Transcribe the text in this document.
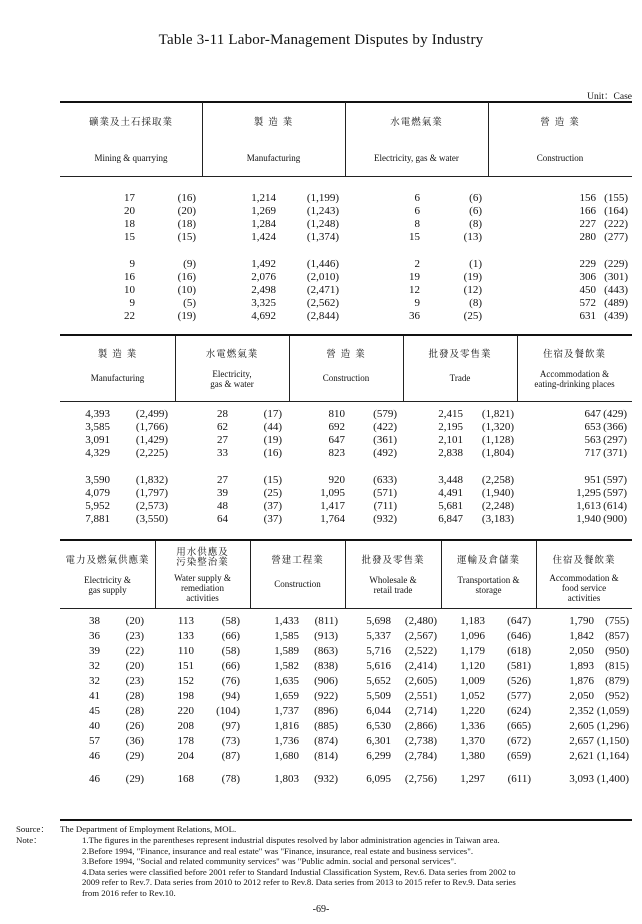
Table 3-11 Labor-Management Disputes by Industry
Unit：Case
礦業及土石採取業
Mining & quarrying
製 造 業
Manufacturing
水電燃氣業
Electricity, gas & water
營 造 業
Construction
17	(16)	1,214	(1,199)	6	(6)	156 (155)
20	(20)	1,269	(1,243)	6	(6)	166 (164)
18	(18)	1,284	(1,248)	8	(8)	227 (222)
15	(15)	1,424	(1,374)	15	(13)	280 (277)
9	(9)	1,492	(1,446)	2	(1)	229 (229)
16	(16)	2,076	(2,010)	19	(19)	306 (301)
10	(10)	2,498	(2,471)	12	(12)	450 (443)
9	(5)	3,325	(2,562)	9	(8)	572 (489)
22	(19)	4,692	(2,844)	36	(25)	631 (439)
製 造 業
Manufacturing
水電燃氣業
Electricity,
gas & water
營 造 業
Construction
批發及零售業
Trade
住宿及餐飲業
Accommodation &
eating-drinking places
4,393	(2,499)	28	(17)	810	(579)	2,415	(1,821)	647 (429)
3,585	(1,766)	62	(44)	692	(422)	2,195	(1,320)	653 (366)
3,091	(1,429)	27	(19)	647	(361)	2,101	(1,128)	563 (297)
4,329	(2,225)	33	(16)	823	(492)	2,838	(1,804)	717 (371)
3,590	(1,832)	27	(15)	920	(633)	3,448	(2,258)	951 (597)
4,079	(1,797)	39	(25)	1,095	(571)	4,491	(1,940)	1,295 (597)
5,952	(2,573)	48	(37)	1,417	(711)	5,681	(2,248)	1,613 (614)
7,881	(3,550)	64	(37)	1,764	(932)	6,847	(3,183)	1,940 (900)
電力及燃氣供應業
Electricity &
gas supply
用水供應及
污染整治業
Water supply &
remediation
activities
營建工程業
Construction
批發及零售業
Wholesale &
retail trade
運輸及倉儲業
Transportation &
storage
住宿及餐飲業
Accommodation &
food service
activities
38	(20)	113	(58)	1,433	(811)	5,698	(2,480)	1,183	(647)	1,790	(755)
36	(23)	133	(66)	1,585	(913)	5,337	(2,567)	1,096	(646)	1,842	(857)
39	(22)	110	(58)	1,589	(863)	5,716	(2,522)	1,179	(618)	2,050	(950)
32	(20)	151	(66)	1,582	(838)	5,616	(2,414)	1,120	(581)	1,893	(815)
32	(23)	152	(76)	1,635	(906)	5,652	(2,605)	1,009	(526)	1,876	(879)
41	(28)	198	(94)	1,659	(922)	5,509	(2,551)	1,052	(577)	2,050	(952)
45	(28)	220	(104)	1,737	(896)	6,044	(2,714)	1,220	(624)	2,352 (1,059)
40	(26)	208	(97)	1,816	(885)	6,530	(2,866)	1,336	(665)	2,605 (1,296)
57	(36)	178	(73)	1,736	(874)	6,301	(2,738)	1,370	(672)	2,657 (1,150)
46	(29)	204	(87)	1,680	(814)	6,299	(2,784)	1,380	(659)	2,621 (1,164)
46	(29)	168	(78)	1,803	(932)	6,095	(2,756)	1,297	(611)	3,093 (1,400)
Source： The Department of Employment Relations, MOL.
Note：	1.The figures in the parentheses represent industrial disputes resolved by labor administration agencies in Taiwan area.
2.Before 1994, "Finance, insurance and real estate" was "Finance, insurance, real estate and business services".
3.Before 1994, "Social and related community services" was "Public admin. social and personal services".
4.Data series were classified before 2001 refer to Standard Industial Classification System, Rev.6. Data series from 2002 to
2009 refer to Rev.7. Data series from 2010 to 2012 refer to Rev.8. Data series from 2013 to 2015 refer to Rev.9. Data series
from 2016 refer to Rev.10.
-69-
